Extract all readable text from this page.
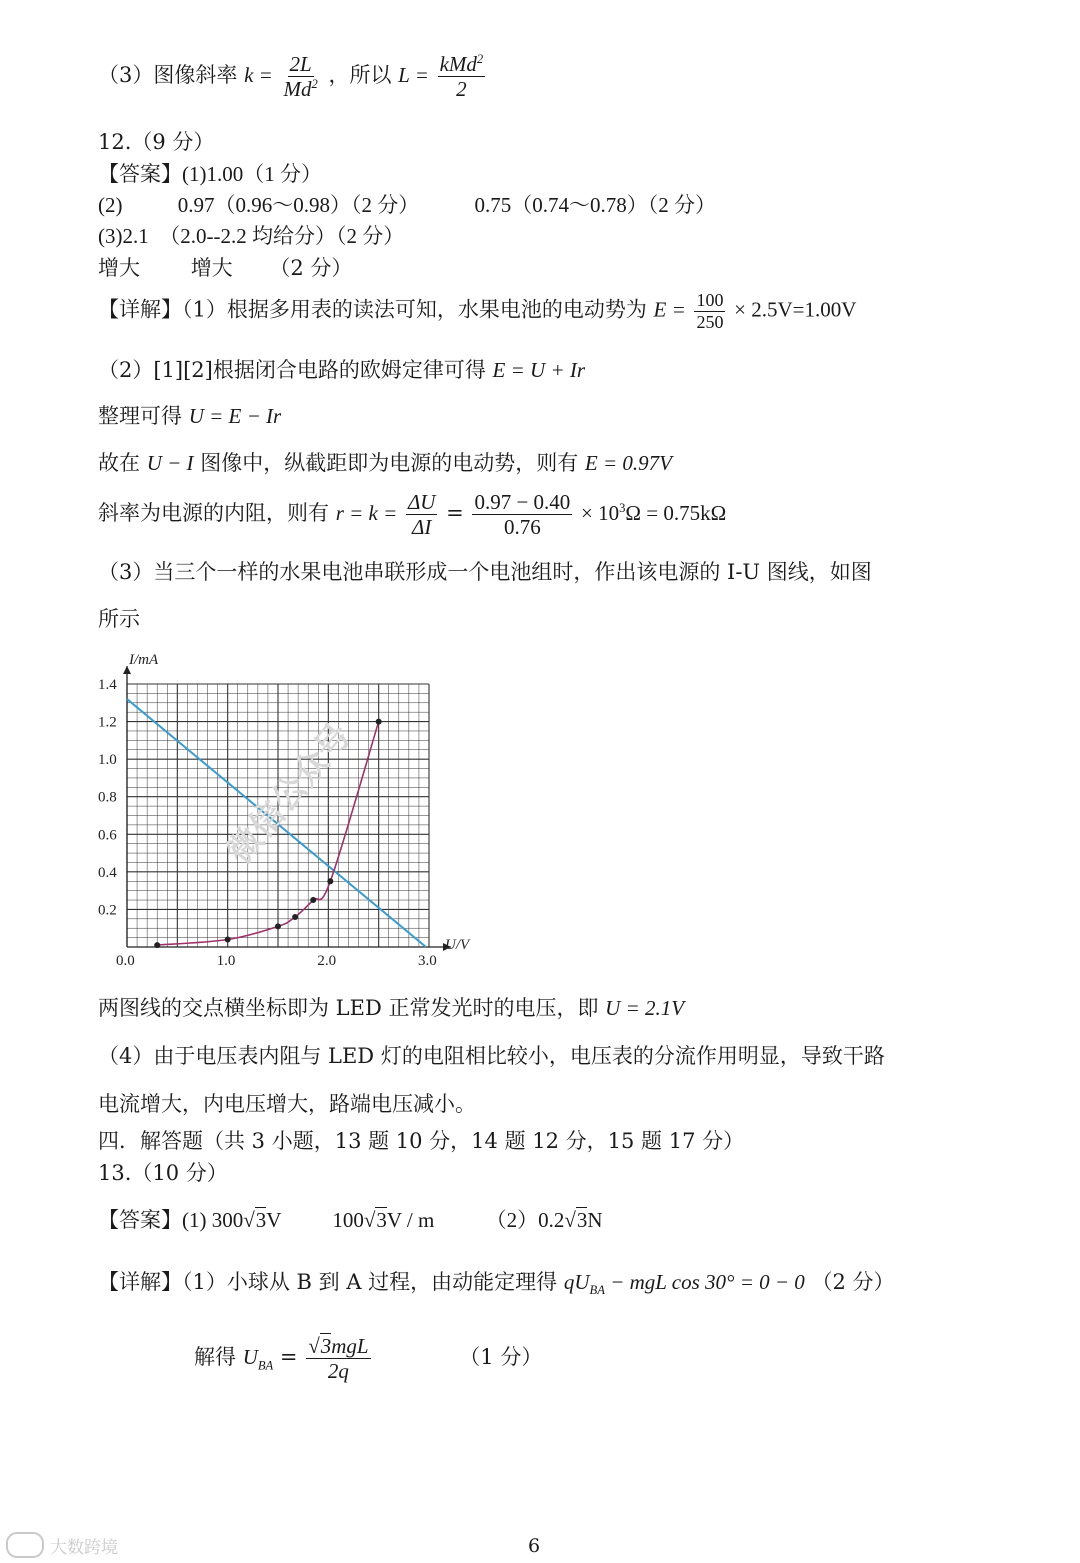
（3）图像斜率 $k = \frac{2L}{Md^2}$ ，所以 $L = \frac{kMd^2}{2}$
12.（9 分）
【答案】(1)1.00（1 分）
(2)	0.97（0.96～0.98）（2 分）	0.75（0.74～0.78）（2 分）
(3)2.1　（2.0--2.2 均给分）（2 分）
增大 增大 （2 分）
【详解】（1）根据多用表的读法可知，水果电池的电动势为 $E = \frac{100}{250} \times 2.5V=1.00V$
（2）[1][2]根据闭合电路的欧姆定律可得 E = U + Ir
整理可得 U = E − Ir
故在 U − I 图像中，纵截距即为电源的电动势，则有 E = 0.97V
斜率为电源的内阻，则有 $r = k = \frac{\Delta U}{\Delta I} = \frac{0.97 - 0.40}{0.76} \times 10^3\Omega = 0.75k\Omega$
（3）当三个一样的水果电池串联形成一个电池组时，作出该电源的 I-U 图线，如图
所示
0.0	1.0	2.0	3.0
0.2
0.4
0.6
0.8
1.0
1.2
1.4
U/V
I/mA
微信公众号
两图线的交点横坐标即为 LED 正常发光时的电压，即 U = 2.1V
（4）由于电压表内阻与 LED 灯的电阻相比较小，电压表的分流作用明显，导致干路
电流增大，内电压增大，路端电压减小。
四．解答题（共 3 小题，13 题 10 分，14 题 12 分，15 题 17 分）
13.（10 分）
【答案】(1) 300√3V 100√3V / m （2）0.2√3N
【详解】（1）小球从 B 到 A 过程，由动能定理得 $qU_{BA}$ − mgL cos 30° = 0 − 0 （2 分）
解得 $U_{BA} = \frac{\text{√3mgL}}{2q}$	（1 分）
大数跨境	6
